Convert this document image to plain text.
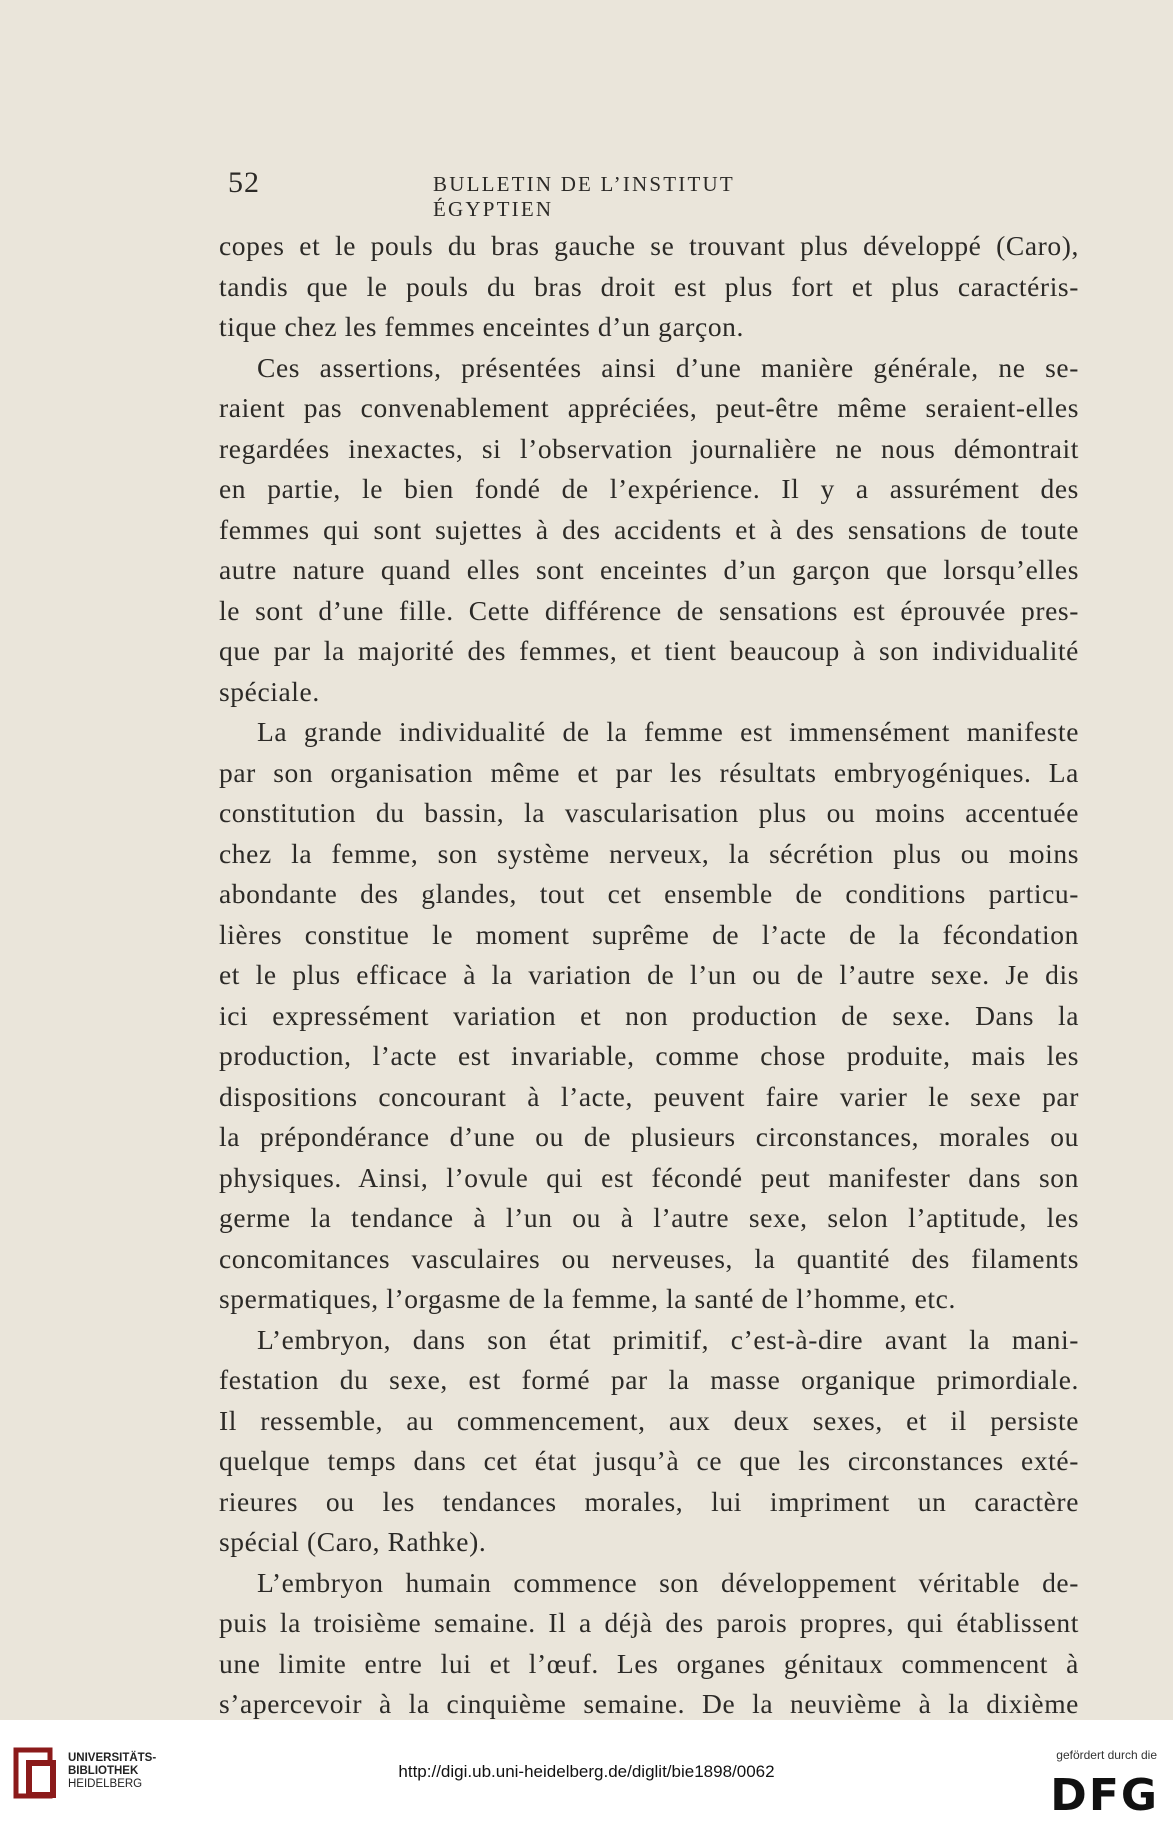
52	BULLETIN DE L’INSTITUT ÉGYPTIEN
copes et le pouls du bras gauche se trouvant plus développé (Caro),
tandis que le pouls du bras droit est plus fort et plus caractéris-
tique chez les femmes enceintes d’un garçon.
Ces assertions, présentées ainsi d’une manière générale, ne se-
raient pas convenablement appréciées, peut-être même seraient-elles
regardées inexactes, si l’observation journalière ne nous démontrait
en partie, le bien fondé de l’expérience. Il y a assurément des
femmes qui sont sujettes à des accidents et à des sensations de toute
autre nature quand elles sont enceintes d’un garçon que lorsqu’elles
le sont d’une fille. Cette différence de sensations est éprouvée pres-
que par la majorité des femmes, et tient beaucoup à son individualité
spéciale.
La grande individualité de la femme est immensément manifeste
par son organisation même et par les résultats embryogéniques. La
constitution du bassin, la vascularisation plus ou moins accentuée
chez la femme, son système nerveux, la sécrétion plus ou moins
abondante des glandes, tout cet ensemble de conditions particu-
lières constitue le moment suprême de l’acte de la fécondation
et le plus efficace à la variation de l’un ou de l’autre sexe. Je dis
ici expressément variation et non production de sexe. Dans la
production, l’acte est invariable, comme chose produite, mais les
dispositions concourant à l’acte, peuvent faire varier le sexe par
la prépondérance d’une ou de plusieurs circonstances, morales ou
physiques. Ainsi, l’ovule qui est fécondé peut manifester dans son
germe la tendance à l’un ou à l’autre sexe, selon l’aptitude, les
concomitances vasculaires ou nerveuses, la quantité des filaments
spermatiques, l’orgasme de la femme, la santé de l’homme, etc.
L’embryon, dans son état primitif, c’est-à-dire avant la mani-
festation du sexe, est formé par la masse organique primordiale.
Il ressemble, au commencement, aux deux sexes, et il persiste
quelque temps dans cet état jusqu’à ce que les circonstances exté-
rieures ou les tendances morales, lui impriment un caractère
spécial (Caro, Rathke).
L’embryon humain commence son développement véritable de-
puis la troisième semaine. Il a déjà des parois propres, qui établissent
une limite entre lui et l’œuf. Les organes génitaux commencent à
s’apercevoir à la cinquième semaine. De la neuvième à la dixième
UNIVERSITÄTS-
BIBLIOTHEK
HEIDELBERG
http://digi.ub.uni-heidelberg.de/diglit/bie1898/0062
gefördert durch die
DFG
